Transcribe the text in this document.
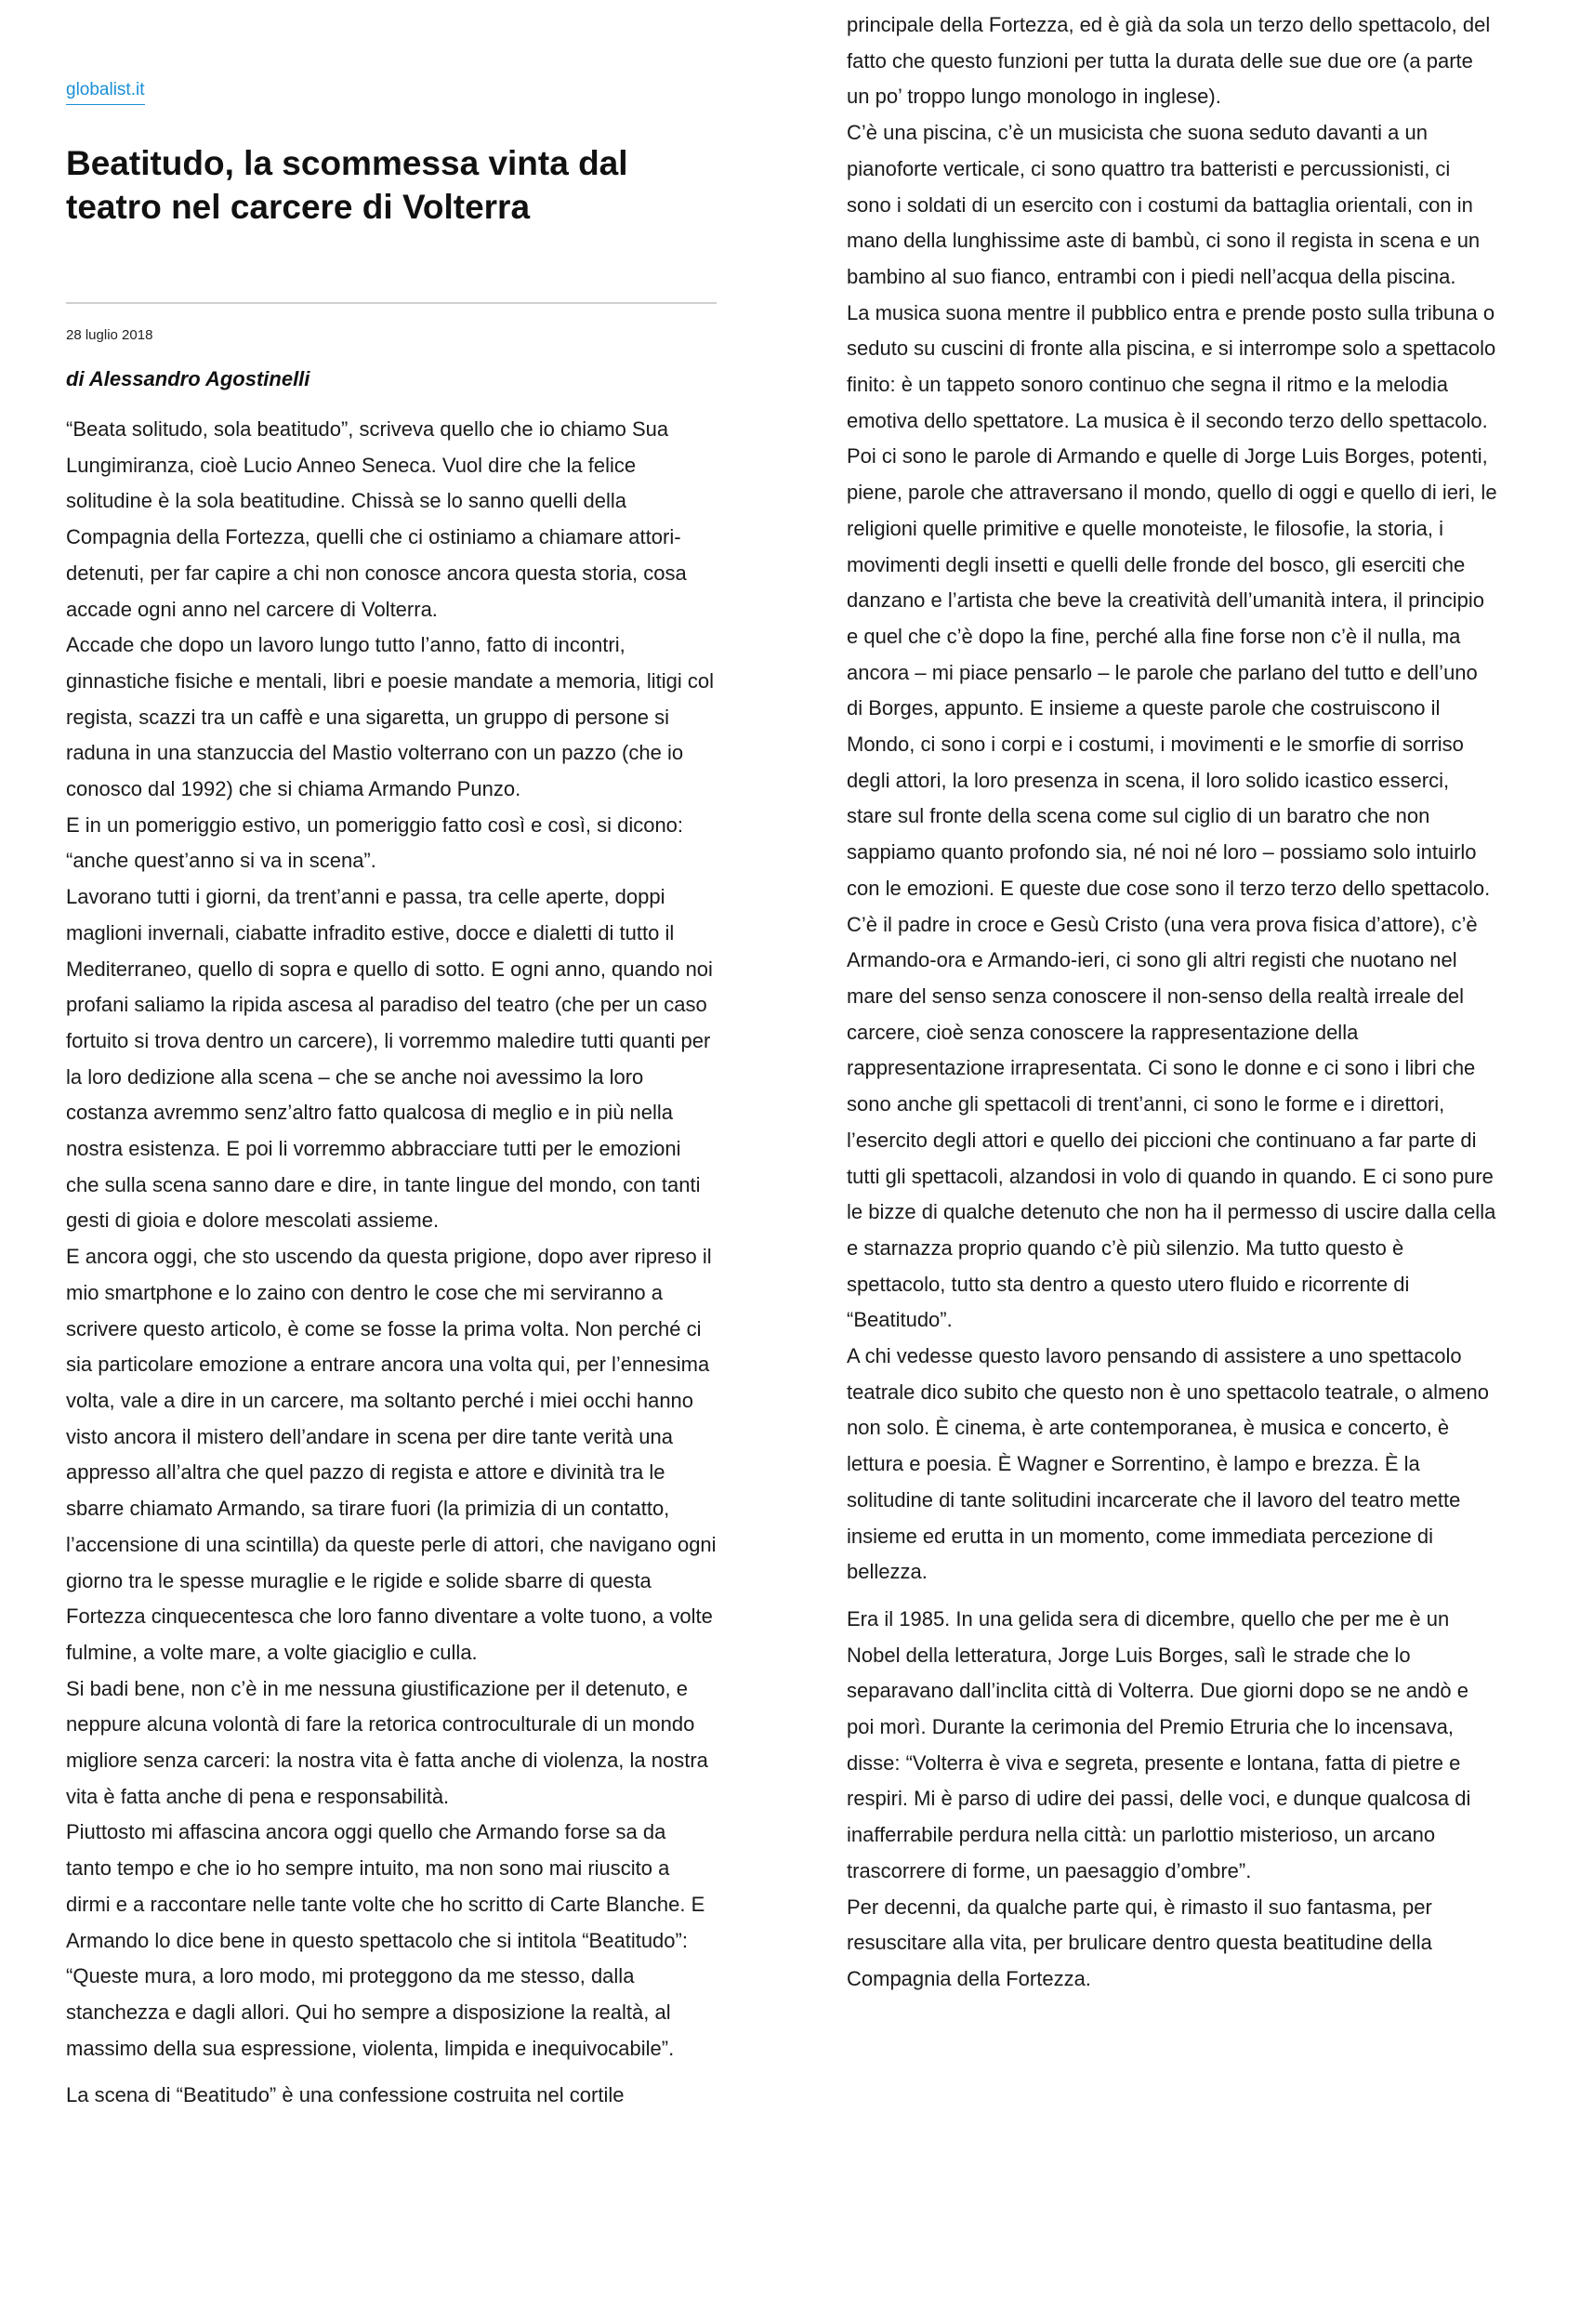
globalist.it
Beatitudo, la scommessa vinta dal teatro nel carcere di Volterra
28 luglio 2018
di Alessandro Agostinelli

“Beata solitudo, sola beatitudo”, scriveva quello che io chiamo Sua Lungimiranza, cioè Lucio Anneo Seneca. Vuol dire che la felice solitudine è la sola beatitudine. Chissà se lo sanno quelli della Compagnia della Fortezza, quelli che ci ostiniamo a chiamare attori-detenuti, per far capire a chi non conosce ancora questa storia, cosa accade ogni anno nel carcere di Volterra.

Accade che dopo un lavoro lungo tutto l’anno, fatto di incontri, ginnastiche fisiche e mentali, libri e poesie mandate a memoria, litigi col regista, scazzi tra un caffè e una sigaretta, un gruppo di persone si raduna in una stanzuccia del Mastio volterrano con un pazzo (che io conosco dal 1992) che si chiama Armando Punzo.

E in un pomeriggio estivo, un pomeriggio fatto così e così, si dicono: “anche quest’anno si va in scena”.

Lavorano tutti i giorni, da trent’anni e passa, tra celle aperte, doppi maglioni invernali, ciabatte infradito estive, docce e dialetti di tutto il Mediterraneo, quello di sopra e quello di sotto. E ogni anno, quando noi profani saliamo la ripida ascesa al paradiso del teatro (che per un caso fortuito si trova dentro un carcere), li vorremmo maledire tutti quanti per la loro dedizione alla scena – che se anche noi avessimo la loro costanza avremmo senz’altro fatto qualcosa di meglio e in più nella nostra esistenza. E poi li vorremmo abbracciare tutti per le emozioni che sulla scena sanno dare e dire, in tante lingue del mondo, con tanti gesti di gioia e dolore mescolati assieme.

E ancora oggi, che sto uscendo da questa prigione, dopo aver ripreso il mio smartphone e lo zaino con dentro le cose che mi serviranno a scrivere questo articolo, è come se fosse la prima volta. Non perché ci sia particolare emozione a entrare ancora una volta qui, per l’ennesima volta, vale a dire in un carcere, ma soltanto perché i miei occhi hanno visto ancora il mistero dell’andare in scena per dire tante verità una appresso all’altra che quel pazzo di regista e attore e divinità tra le sbarre chiamato Armando, sa tirare fuori (la primizia di un contatto, l’accensione di una scintilla) da queste perle di attori, che navigano ogni giorno tra le spesse muraglie e le rigide e solide sbarre di questa Fortezza cinquecentesca che loro fanno diventare a volte tuono, a volte fulmine, a volte mare, a volte giaciglio e culla.

Si badi bene, non c’è in me nessuna giustificazione per il detenuto, e neppure alcuna volontà di fare la retorica controculturale di un mondo migliore senza carceri: la nostra vita è fatta anche di violenza, la nostra vita è fatta anche di pena e responsabilità.

Piuttosto mi affascina ancora oggi quello che Armando forse sa da tanto tempo e che io ho sempre intuito, ma non sono mai riuscito a dirmi e a raccontare nelle tante volte che ho scritto di Carte Blanche. E Armando lo dice bene in questo spettacolo che si intitola “Beatitudo”:

“Queste mura, a loro modo, mi proteggono da me stesso, dalla stanchezza e dagli allori. Qui ho sempre a disposizione la realtà, al massimo della sua espressione, violenta, limpida e inequivocabile”.

La scena di “Beatitudo” è una confessione costruita nel cortile

principale della Fortezza, ed è già da sola un terzo dello spettacolo, del fatto che questo funzioni per tutta la durata delle sue due ore (a parte un po’ troppo lungo monologo in inglese).

C’è una piscina, c’è un musicista che suona seduto davanti a un pianoforte verticale, ci sono quattro tra batteristi e percussionisti, ci sono i soldati di un esercito con i costumi da battaglia orientali, con in mano della lunghissime aste di bambù, ci sono il regista in scena e un bambino al suo fianco, entrambi con i piedi nell’acqua della piscina.

La musica suona mentre il pubblico entra e prende posto sulla tribuna o seduto su cuscini di fronte alla piscina, e si interrompe solo a spettacolo finito: è un tappeto sonoro continuo che segna il ritmo e la melodia emotiva dello spettatore. La musica è il secondo terzo dello spettacolo.

Poi ci sono le parole di Armando e quelle di Jorge Luis Borges, potenti, piene, parole che attraversano il mondo, quello di oggi e quello di ieri, le religioni quelle primitive e quelle monoteiste, le filosofie, la storia, i movimenti degli insetti e quelli delle fronde del bosco, gli eserciti che danzano e l’artista che beve la creatività dell’umanità intera, il principio e quel che c’è dopo la fine, perché alla fine forse non c’è il nulla, ma ancora – mi piace pensarlo – le parole che parlano del tutto e dell’uno di Borges, appunto. E insieme a queste parole che costruiscono il Mondo, ci sono i corpi e i costumi, i movimenti e le smorfie di sorriso degli attori, la loro presenza in scena, il loro solido icastico esserci, stare sul fronte della scena come sul ciglio di un baratro che non sappiamo quanto profondo sia, né noi né loro – possiamo solo intuirlo con le emozioni. E queste due cose sono il terzo terzo dello spettacolo.

C’è il padre in croce e Gesù Cristo (una vera prova fisica d’attore), c’è Armando-ora e Armando-ieri, ci sono gli altri registi che nuotano nel mare del senso senza conoscere il non-senso della realtà irreale del carcere, cioè senza conoscere la rappresentazione della rappresentazione irrapresentata. Ci sono le donne e ci sono i libri che sono anche gli spettacoli di trent’anni, ci sono le forme e i direttori, l’esercito degli attori e quello dei piccioni che continuano a far parte di tutti gli spettacoli, alzandosi in volo di quando in quando. E ci sono pure le bizze di qualche detenuto che non ha il permesso di uscire dalla cella e starnazza proprio quando c’è più silenzio. Ma tutto questo è spettacolo, tutto sta dentro a questo utero fluido e ricorrente di “Beatitudo”.

A chi vedesse questo lavoro pensando di assistere a uno spettacolo teatrale dico subito che questo non è uno spettacolo teatrale, o almeno non solo. È cinema, è arte contemporanea, è musica e concerto, è lettura e poesia. È Wagner e Sorrentino, è lampo e brezza. È la solitudine di tante solitudini incarcerate che il lavoro del teatro mette insieme ed erutta in un momento, come immediata percezione di bellezza.

Era il 1985. In una gelida sera di dicembre, quello che per me è un Nobel della letteratura, Jorge Luis Borges, salì le strade che lo separavano dall’inclita città di Volterra. Due giorni dopo se ne andò e poi morì. Durante la cerimonia del Premio Etruria che lo incensava, disse: “Volterra è viva e segreta, presente e lontana, fatta di pietre e respiri. Mi è parso di udire dei passi, delle voci, e dunque qualcosa di inafferrabile perdura nella città: un parlottio misterioso, un arcano trascorrere di forme, un paesaggio d’ombre”.

Per decenni, da qualche parte qui, è rimasto il suo fantasma, per resuscitare alla vita, per brulicare dentro questa beatitudine della Compagnia della Fortezza.
